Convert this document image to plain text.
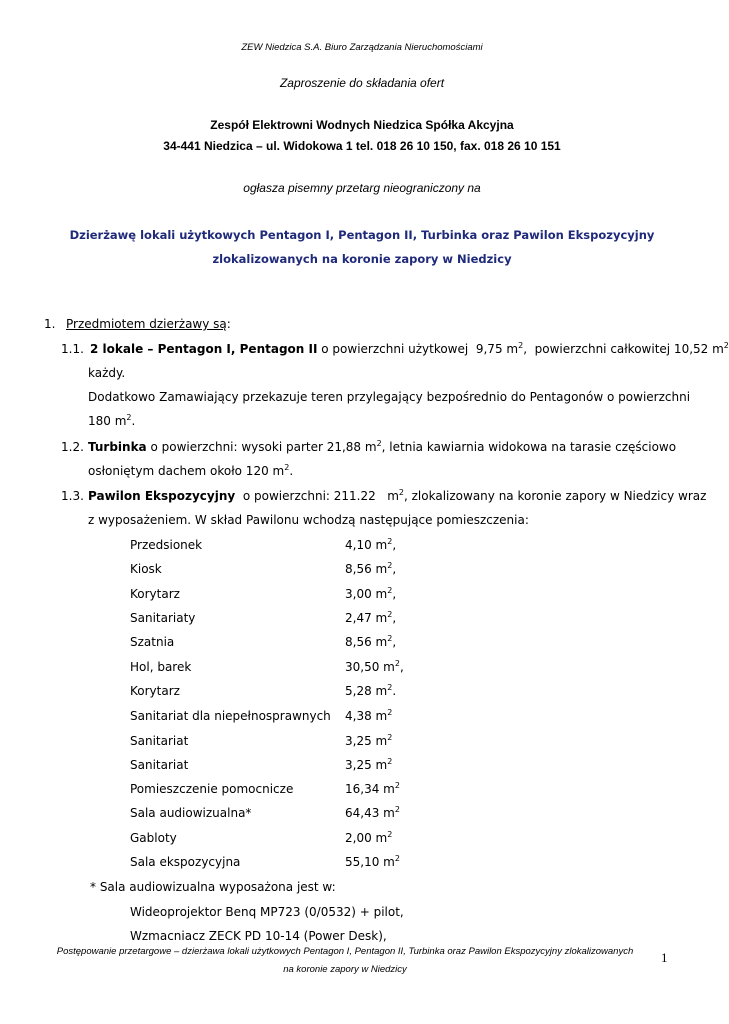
ZEW Niedzica S.A. Biuro Zarządzania Nieruchomościami
Zaproszenie do składania ofert
Zespół Elektrowni Wodnych Niedzica Spółka Akcyjna
34-441 Niedzica – ul. Widokowa 1 tel. 018 26 10 150, fax. 018 26 10 151
ogłasza pisemny przetarg nieograniczony na
Dzierżawę lokali użytkowych Pentagon I, Pentagon II, Turbinka oraz Pawilon Ekspozycyjny
zlokalizowanych na koronie zapory w Niedzicy
1. Przedmiotem dzierżawy są:
1.1. 2 lokale – Pentagon I, Pentagon II o powierzchni użytkowej 9,75 $m^2$,  powierzchni całkowitej 10,52 $m^2$
każdy.
Dodatkowo Zamawiający przekazuje teren przylegający bezpośrednio do Pentagonów o powierzchni
180 $m^2$.
1.2. Turbinka o powierzchni: wysoki parter 21,88 $m^2$, letnia kawiarnia widokowa na tarasie częściowo
osłoniętym dachem około 120 $m^2$.
1.3. Pawilon Ekspozycyjny o powierzchni: 211.22 $m^2$, zlokalizowany na koronie zapory w Niedzicy wraz
z wyposażeniem. W skład Pawilonu wchodzą następujące pomieszczenia:
Przedsionek	4,10 $m^2$,
Kiosk	8,56 $m^2$,
Korytarz	3,00 $m^2$,
Sanitariaty	2,47 $m^2$,
Szatnia	8,56 $m^2$,
Hol, barek	30,50 $m^2$,
Korytarz	5,28 $m^2$.
Sanitariat dla niepełnosprawnych 4,38 $m^2$
Sanitariat	3,25 $m^2$
Sanitariat	3,25 $m^2$
Pomieszczenie pomocnicze	16,34 $m^2$
Sala audiowizualna*	64,43 $m^2$
Gabloty	2,00 $m^2$
Sala ekspozycyjna	55,10 $m^2$
* Sala audiowizualna wyposażona jest w:
Wideoprojektor Benq MP723 (0/0532) + pilot,
Wzmacniacz ZECK PD 10-14 (Power Desk),
Postępowanie przetargowe – dzierżawa lokali użytkowych Pentagon I, Pentagon II, Turbinka oraz Pawilon Ekspozycyjny zlokalizowanych
na koronie zapory w Niedzicy
1
